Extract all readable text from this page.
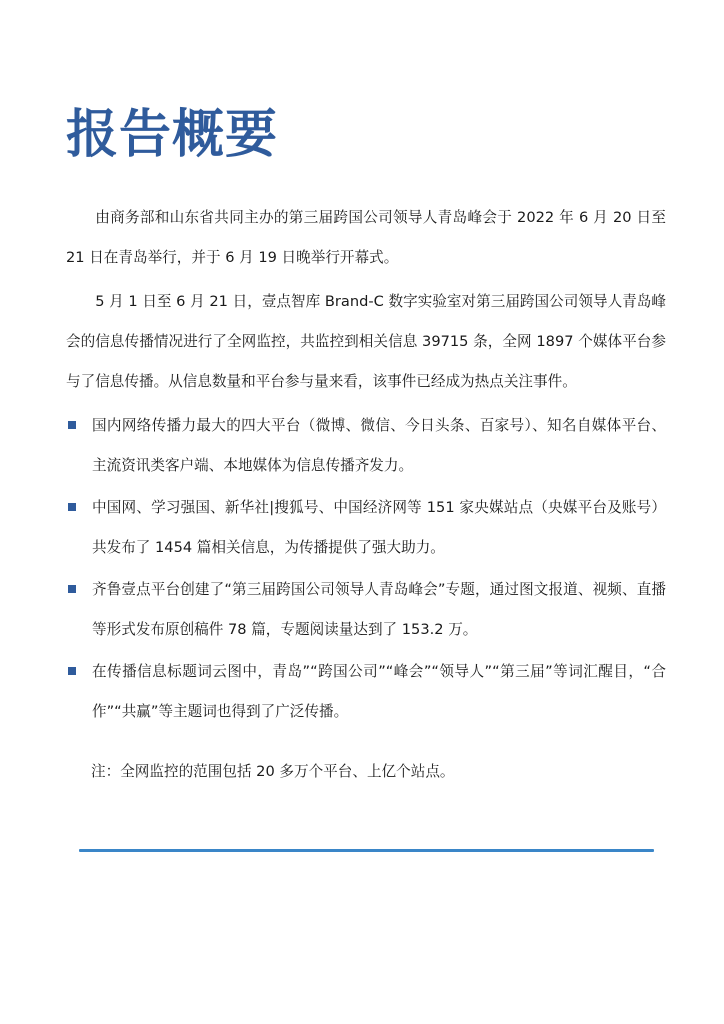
报告概要

由商务部和山东省共同主办的第三届跨国公司领导人青岛峰会于 2022 年 6 月 20 日至 21 日在青岛举行，并于 6 月 19 日晚举行开幕式。

5 月 1 日至 6 月 21 日，壹点智库 Brand-C 数字实验室对第三届跨国公司领导人青岛峰会的信息传播情况进行了全网监控，共监控到相关信息 39715 条，全网 1897 个媒体平台参与了信息传播。从信息数量和平台参与量来看，该事件已经成为热点关注事件。

国内网络传播力最大的四大平台（微博、微信、今日头条、百家号）、知名自媒体平台、主流资讯类客户端、本地媒体为信息传播齐发力。
中国网、学习强国、新华社|搜狐号、中国经济网等 151 家央媒站点（央媒平台及账号）共发布了 1454 篇相关信息，为传播提供了强大助力。
齐鲁壹点平台创建了“第三届跨国公司领导人青岛峰会”专题，通过图文报道、视频、直播等形式发布原创稿件 78 篇，专题阅读量达到了 153.2 万。
在传播信息标题词云图中，青岛”“跨国公司”“峰会”“领导人”“第三届”等词汇醒目，“合作”“共赢”等主题词也得到了广泛传播。

注：全网监控的范围包括 20 多万个平台、上亿个站点。
